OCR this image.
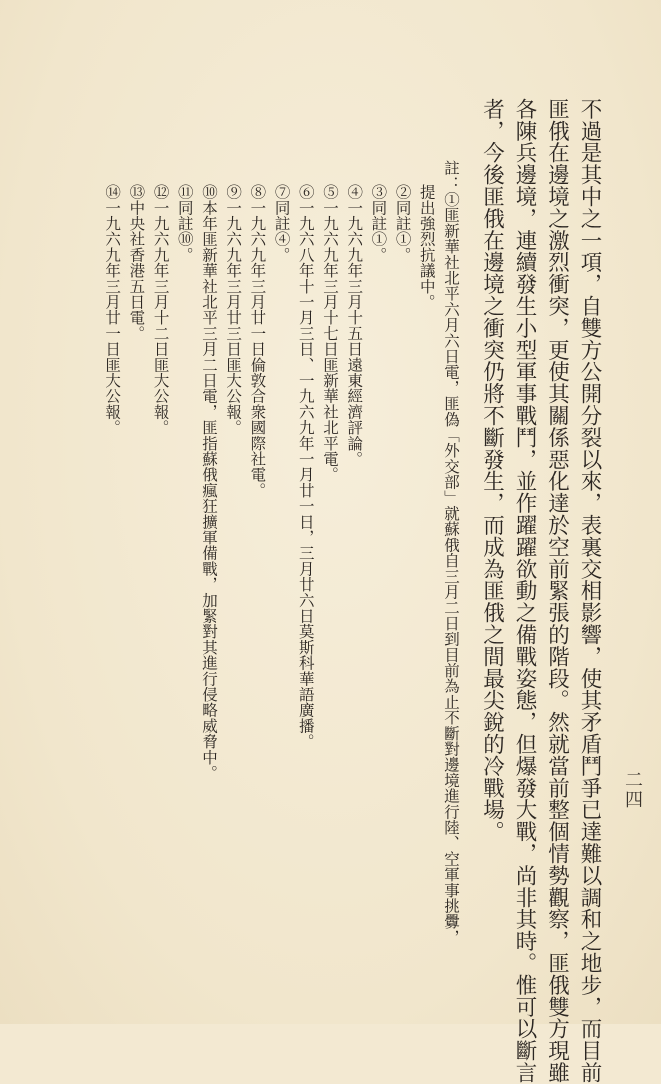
二四
不過是其中之一項，自雙方公開分裂以來，表裏交相影響，使其矛盾鬥爭已達難以調和之地步，而目前
匪俄在邊境之激烈衝突，更使其關係惡化達於空前緊張的階段。然就當前整個情勢觀察，匪俄雙方現雖
各陳兵邊境，連續發生小型軍事戰鬥，並作躍躍欲動之備戰姿態，但爆發大戰，尚非其時。惟可以斷言
者，今後匪俄在邊境之衝突仍將不斷發生，而成為匪俄之間最尖銳的冷戰場。
註：①匪新華社北平六月六日電，匪偽「外交部」就蘇俄自三月二日到目前為止不斷對邊境進行陸、空軍事挑釁，
提出強烈抗議中。
②同註①。
③同註①。
④一九六九年三月十五日遠東經濟評論。
⑤一九六九年三月十七日匪新華社北平電。
⑥一九六八年十一月三日、一九六九年一月廿一日，三月廿六日莫斯科華語廣播。
⑦同註④。
⑧一九六九年三月廿一日倫敦合衆國際社電。
⑨一九六九年三月廿三日匪大公報。
⑩本年匪新華社北平三月二日電，匪指蘇俄瘋狂擴軍備戰，加緊對其進行侵略威脅中。
⑪同註⑩。
⑫一九六九年三月十二日匪大公報。
⑬中央社香港五日電。
⑭一九六九年三月廿一日匪大公報。
